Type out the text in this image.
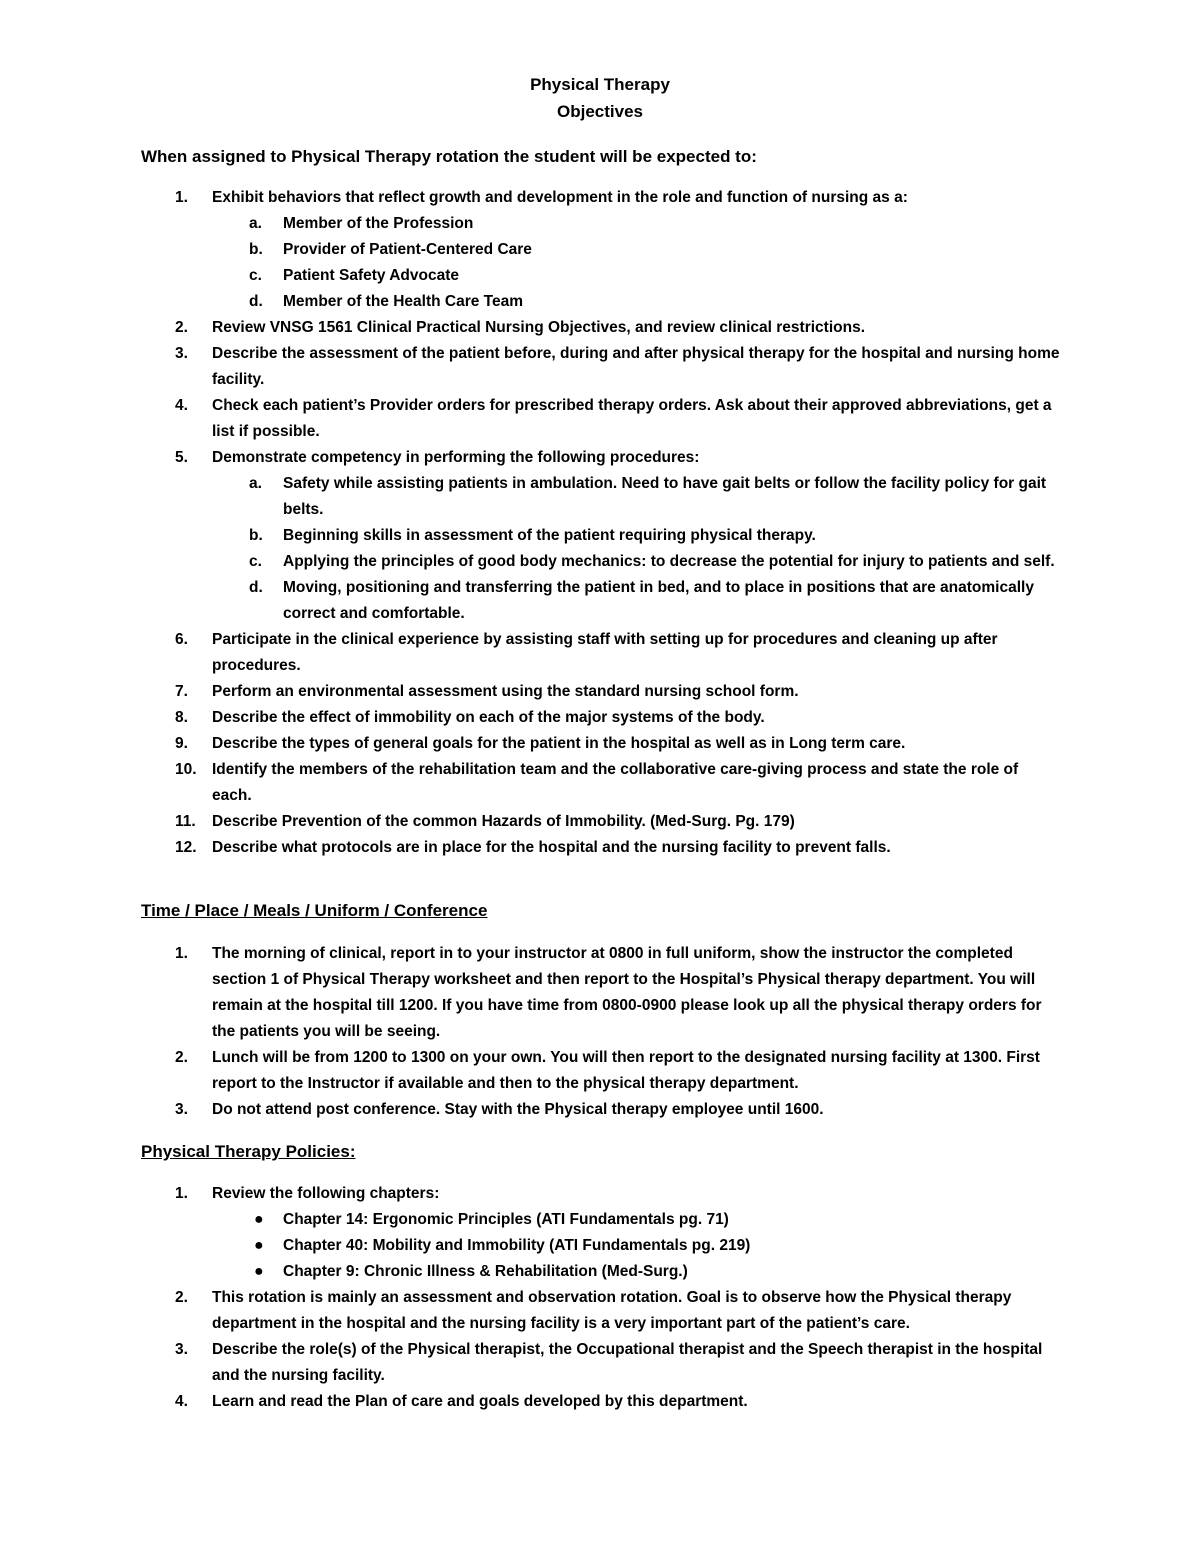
Physical Therapy
Objectives
When assigned to Physical Therapy rotation the student will be expected to:
1.	Exhibit behaviors that reflect growth and development in the role and function of nursing as a:
a. Member of the Profession
b. Provider of Patient-Centered Care
c. Patient Safety Advocate
d. Member of the Health Care Team
2.	Review VNSG 1561 Clinical Practical Nursing Objectives, and review clinical restrictions.
3.	Describe the assessment of the patient before, during and after physical therapy for the hospital and nursing home facility.
4.	Check each patient’s Provider orders for prescribed therapy orders. Ask about their approved abbreviations, get a list if possible.
5.	Demonstrate competency in performing the following procedures:
a. Safety while assisting patients in ambulation. Need to have gait belts or follow the facility policy for gait belts.
b. Beginning skills in assessment of the patient requiring physical therapy.
c. Applying the principles of good body mechanics: to decrease the potential for injury to patients and self.
d. Moving, positioning and transferring the patient in bed, and to place in positions that are anatomically correct and comfortable.
6.	Participate in the clinical experience by assisting staff with setting up for procedures and cleaning up after procedures.
7.	Perform an environmental assessment using the standard nursing school form.
8.	Describe the effect of immobility on each of the major systems of the body.
9.	Describe the types of general goals for the patient in the hospital as well as in Long term care.
10. Identify the members of the rehabilitation team and the collaborative care-giving process and state the role of each.
11.	Describe Prevention of the common Hazards of Immobility. (Med-Surg. Pg. 179)
12. Describe what protocols are in place for the hospital and the nursing facility to prevent falls.
Time / Place / Meals / Uniform / Conference
1.	The morning of clinical, report in to your instructor at 0800 in full uniform, show the instructor the completed section 1 of Physical Therapy worksheet and then report to the Hospital’s Physical therapy department. You will remain at the hospital till 1200. If you have time from 0800-0900 please look up all the physical therapy orders for the patients you will be seeing.
2.	Lunch will be from 1200 to 1300 on your own. You will then report to the designated nursing facility at 1300. First report to the Instructor if available and then to the physical therapy department.
3.	Do not attend post conference. Stay with the Physical therapy employee until 1600.
Physical Therapy Policies:
1.	Review the following chapters:
● Chapter 14: Ergonomic Principles (ATI Fundamentals pg. 71)
● Chapter 40: Mobility and Immobility (ATI Fundamentals pg. 219)
● Chapter 9: Chronic Illness & Rehabilitation (Med-Surg.)
2.	This rotation is mainly an assessment and observation rotation. Goal is to observe how the Physical therapy department in the hospital and the nursing facility is a very important part of the patient’s care.
3.	Describe the role(s) of the Physical therapist, the Occupational therapist and the Speech therapist in the hospital and the nursing facility.
4.	Learn and read the Plan of care and goals developed by this department.
